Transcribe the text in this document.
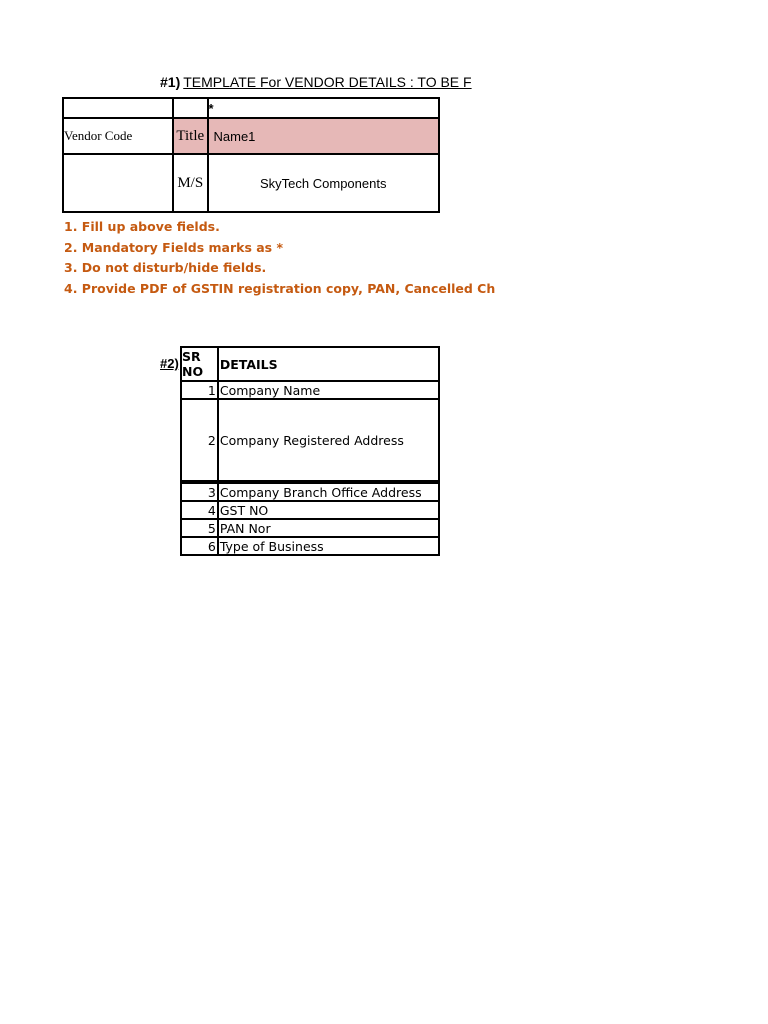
#1) TEMPLATE For VENDOR DETAILS : TO BE F
		*
Vendor Code	Title	Name1
	M/S	SkyTech Components
1. Fill up above fields.
2. Mandatory Fields marks as *
3. Do not disturb/hide fields.
4. Provide PDF of GSTIN registration copy, PAN, Cancelled Ch
#2) SR
NO	DETAILS
1	Company Name
2	Company Registered Address
3	Company Branch Office Address
4	GST NO
5	PAN Nor
6	Type of Business
